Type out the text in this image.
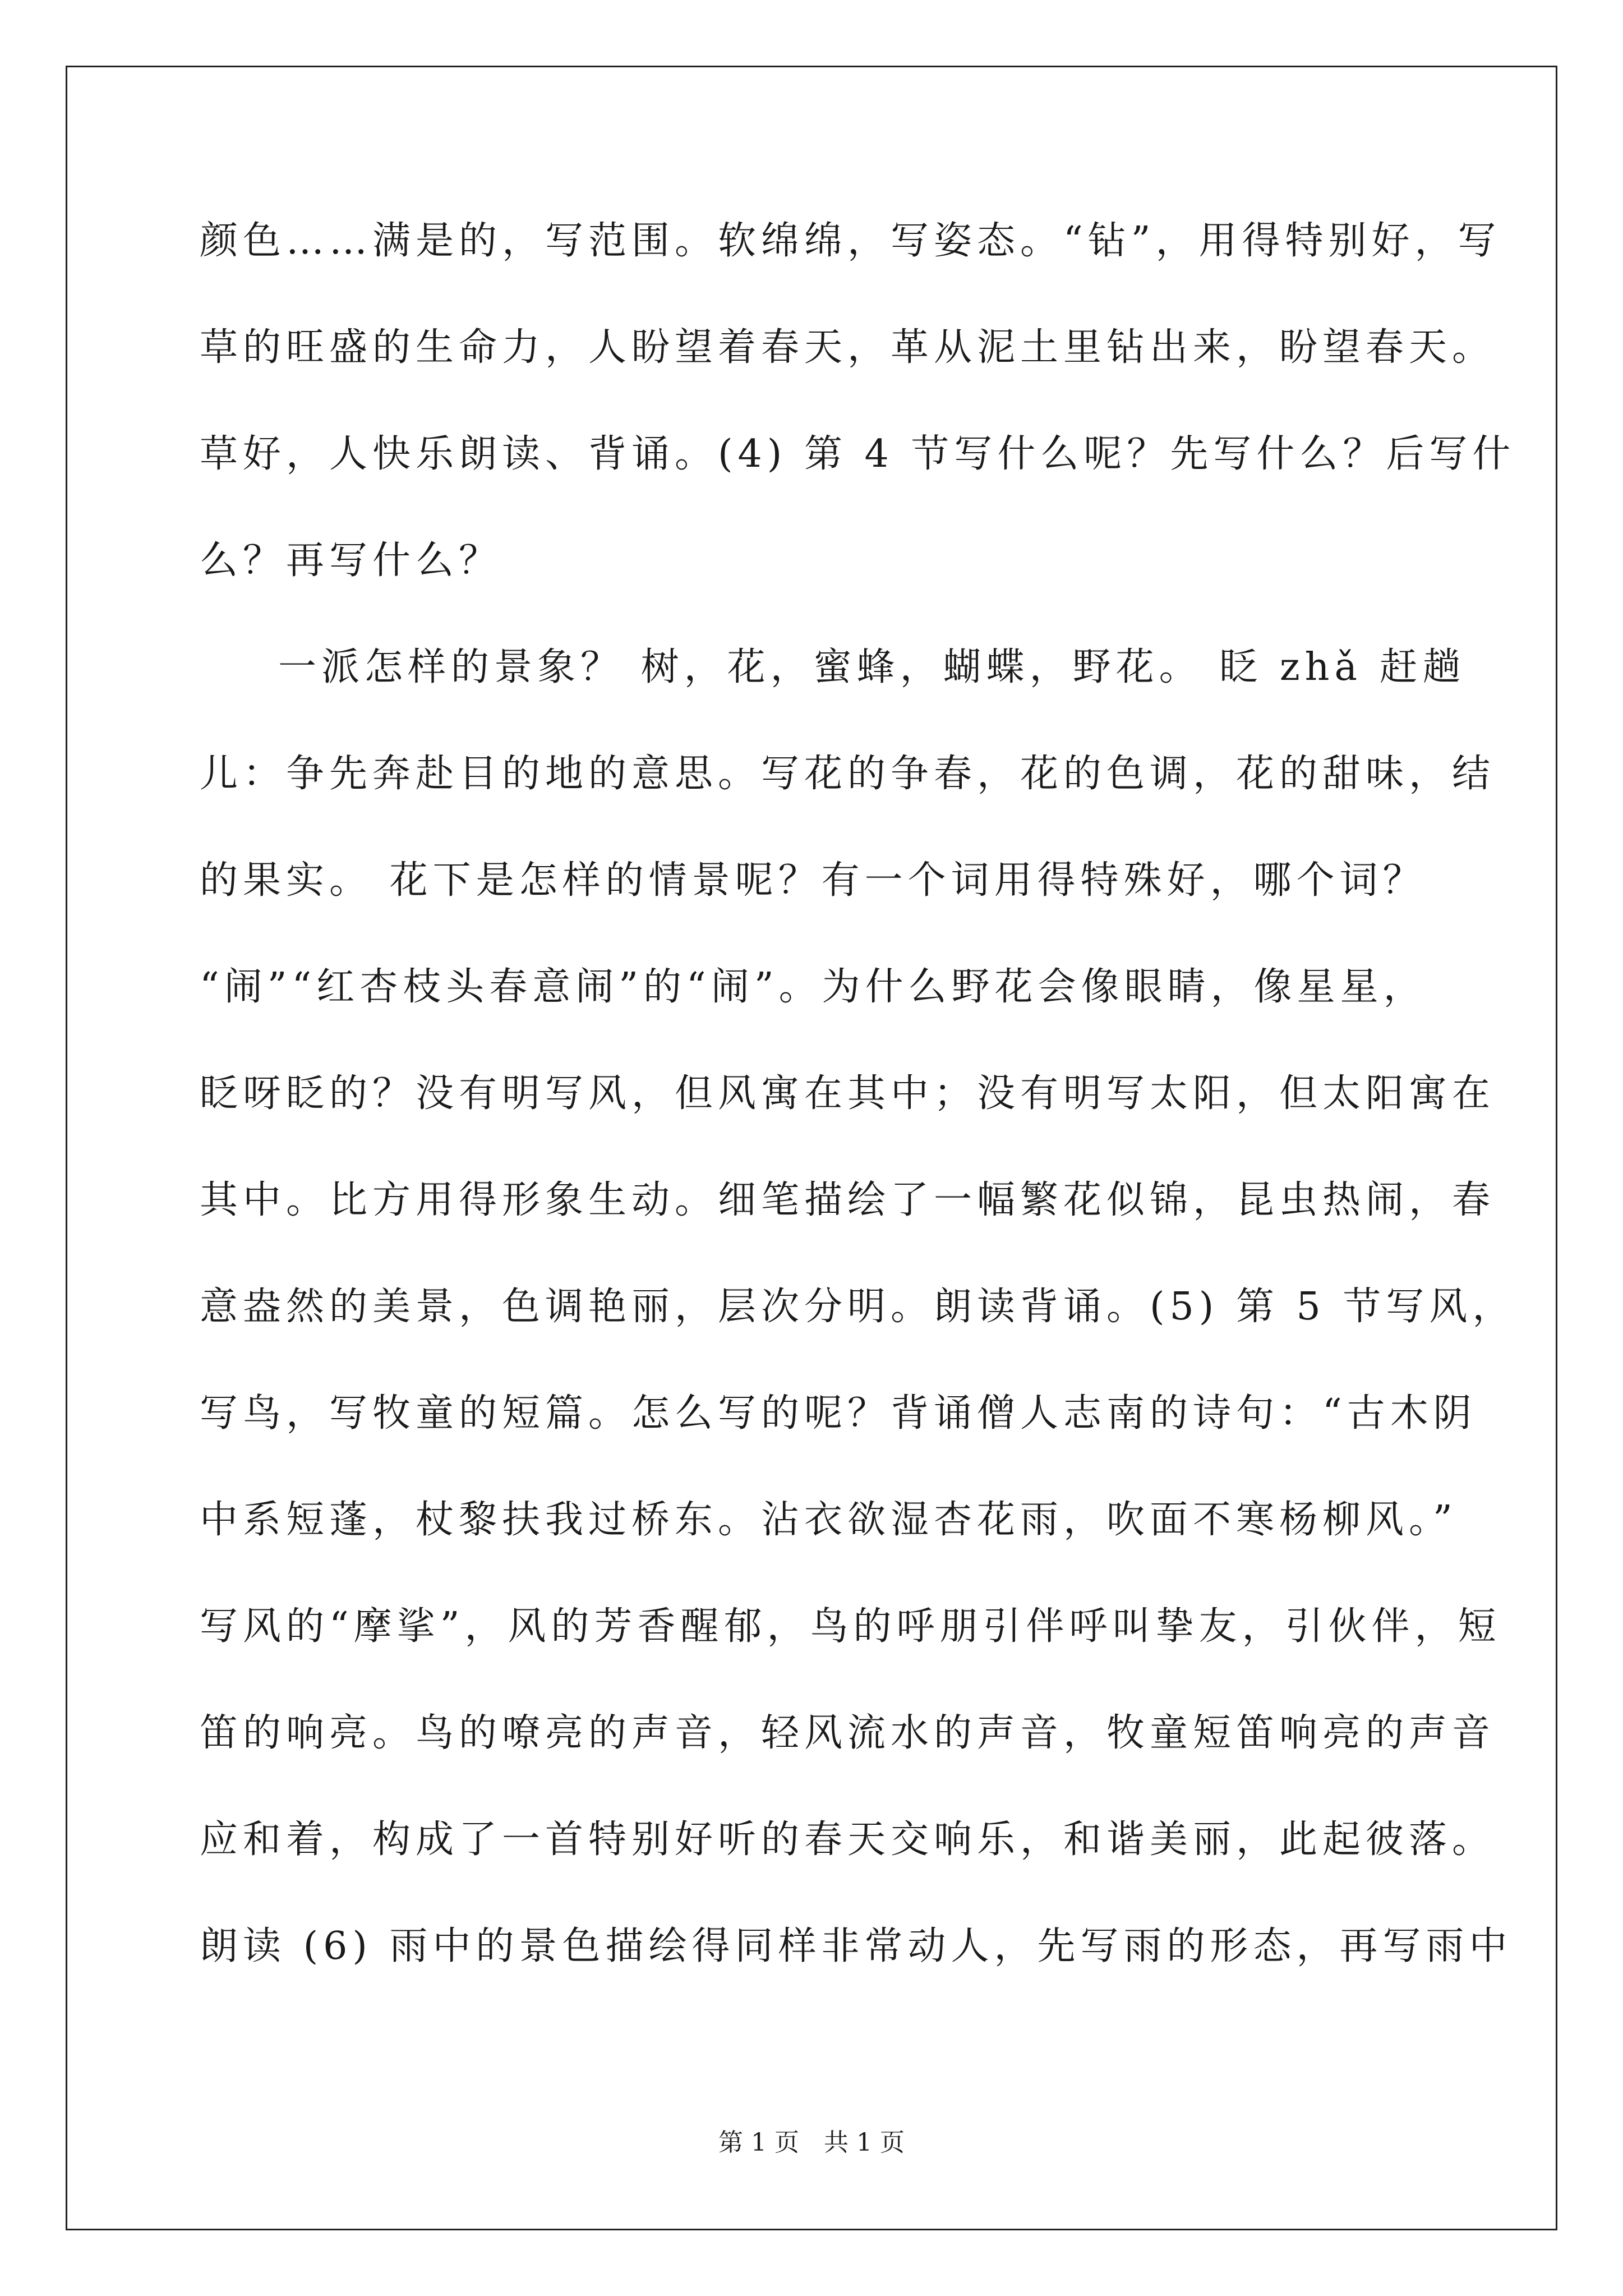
颜色……满是的，写范围。软绵绵，写姿态。“钻”，用得特别好，写
草的旺盛的生命力，人盼望着春天，革从泥土里钻出来，盼望春天。
草好，人快乐朗读、背诵。(4) 第 4 节写什么呢？先写什么？后写什
么？再写什么？
一派怎样的景象？ 树，花，蜜蜂，蝴蝶，野花。 眨 zhǎ 赶趟
儿：争先奔赴目的地的意思。写花的争春，花的色调，花的甜味，结
的果实。 花下是怎样的情景呢？有一个词用得特殊好，哪个词？
“闹”“红杏枝头春意闹”的“闹”。为什么野花会像眼睛，像星星，
眨呀眨的？没有明写风，但风寓在其中；没有明写太阳，但太阳寓在
其中。比方用得形象生动。细笔描绘了一幅繁花似锦，昆虫热闹，春
意盎然的美景，色调艳丽，层次分明。朗读背诵。(5) 第 5 节写风，
写鸟，写牧童的短篇。怎么写的呢？背诵僧人志南的诗句：“古木阴
中系短蓬，杖黎扶我过桥东。沾衣欲湿杏花雨，吹面不寒杨柳风。”
写风的“摩挲”，风的芳香醒郁，鸟的呼朋引伴呼叫挚友，引伙伴，短
笛的响亮。鸟的嘹亮的声音，轻风流水的声音，牧童短笛响亮的声音
应和着，构成了一首特别好听的春天交响乐，和谐美丽，此起彼落。
朗读 (6) 雨中的景色描绘得同样非常动人，先写雨的形态，再写雨中
第 1 页 共 1 页
